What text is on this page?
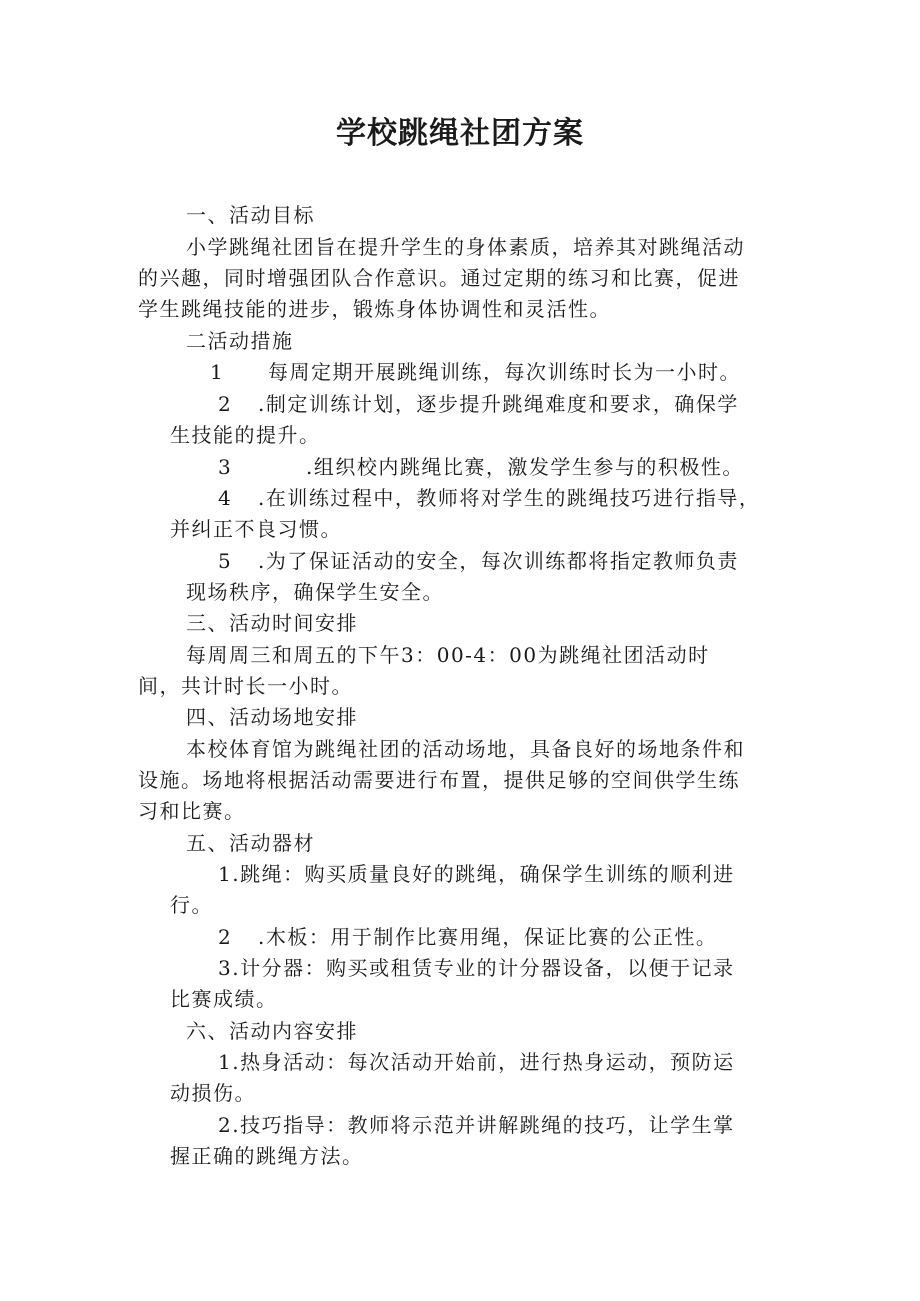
学校跳绳社团方案
一、活动目标
小学跳绳社团旨在提升学生的身体素质，培养其对跳绳活动
的兴趣，同时增强团队合作意识。通过定期的练习和比赛，促进
学生跳绳技能的进步，锻炼身体协调性和灵活性。
二活动措施
1 每周定期开展跳绳训练，每次训练时长为一小时。
2 .制定训练计划，逐步提升跳绳难度和要求，确保学
生技能的提升。
3	.组织校内跳绳比赛，激发学生参与的积极性。
4 .在训练过程中，教师将对学生的跳绳技巧进行指导，
并纠正不良习惯。
5 .为了保证活动的安全，每次训练都将指定教师负责
现场秩序，确保学生安全。
三、活动时间安排
每周周三和周五的下午3：00-4：00为跳绳社团活动时
间，共计时长一小时。
四、活动场地安排
本校体育馆为跳绳社团的活动场地，具备良好的场地条件和
设施。场地将根据活动需要进行布置，提供足够的空间供学生练
习和比赛。
五、活动器材
1.跳绳：购买质量良好的跳绳，确保学生训练的顺利进
行。
2 .木板：用于制作比赛用绳，保证比赛的公正性。
3.计分器：购买或租赁专业的计分器设备，以便于记录
比赛成绩。
六、活动内容安排
1.热身活动：每次活动开始前，进行热身运动，预防运
动损伤。
2.技巧指导：教师将示范并讲解跳绳的技巧，让学生掌
握正确的跳绳方法。
